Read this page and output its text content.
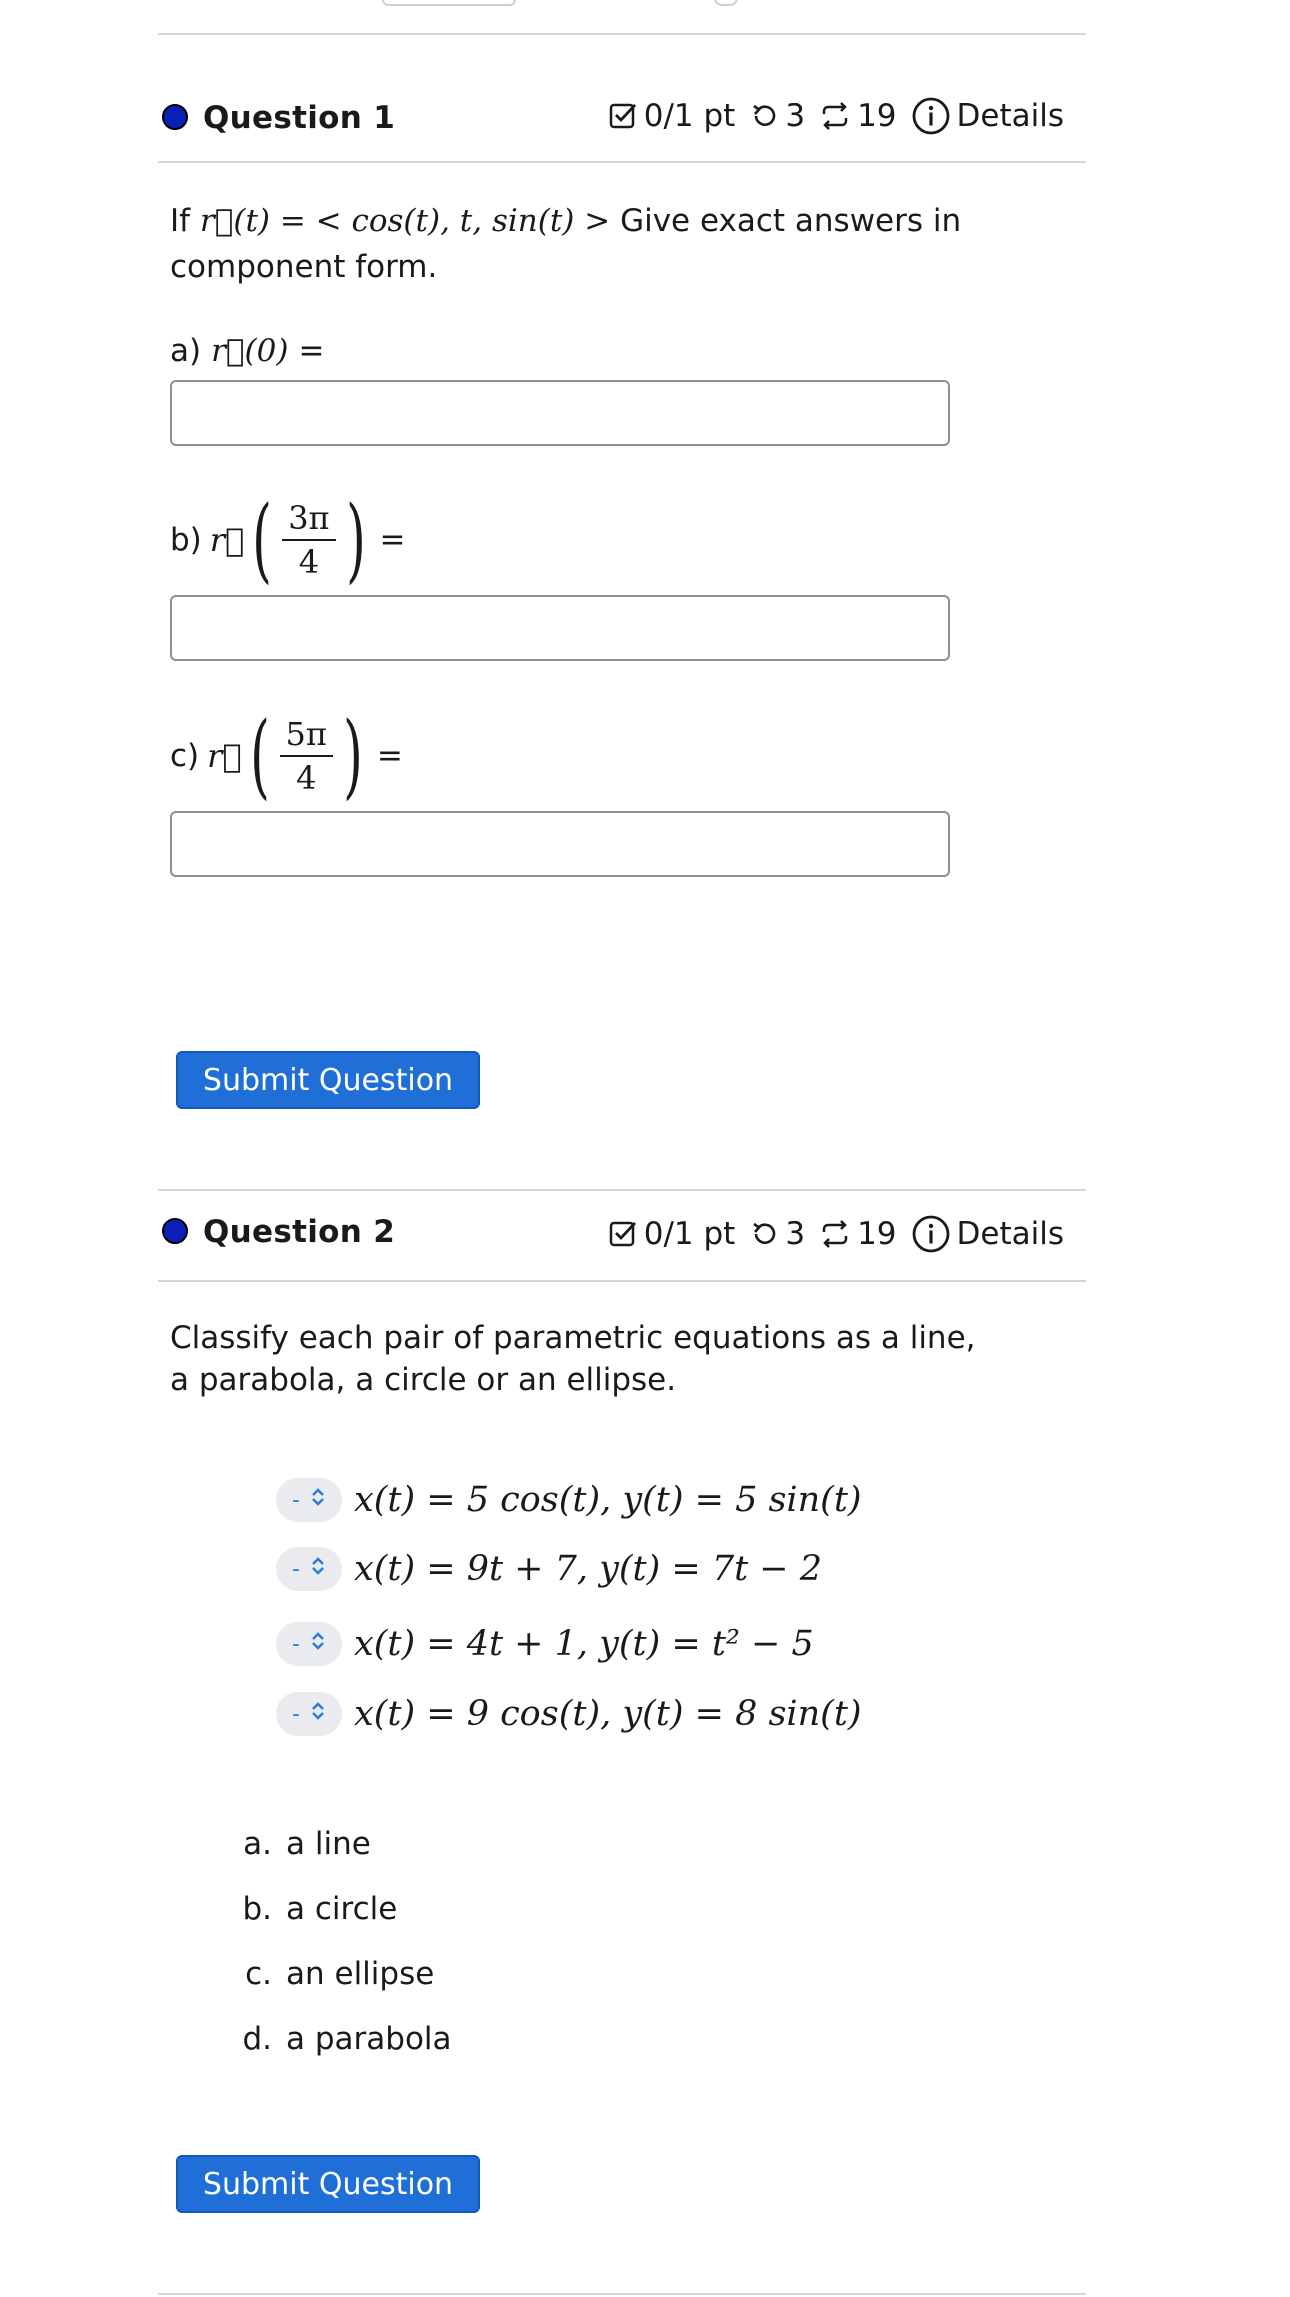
Question 1	0/1 pt 3 19 Details
If r⃗(t) = < cos(t), t, sin(t) > Give exact answers in component form.
a) r⃗(0) =
b) r⃗ ( $\frac{3\pi}{4}$ ) =
c) r⃗ ( $\frac{5\pi}{4}$ ) =
Submit Question
Question 2	0/1 pt 3 19 Details
Classify each pair of parametric equations as a line, a parabola, a circle or an ellipse.
- x(t) = 5 cos(t), y(t) = 5 sin(t)
- x(t) = 9t + 7, y(t) = 7t − 2
- x(t) = 4t + 1, y(t) = t² − 5
- x(t) = 9 cos(t), y(t) = 8 sin(t)
a. a line
b. a circle
c. an ellipse
d. a parabola
Submit Question
